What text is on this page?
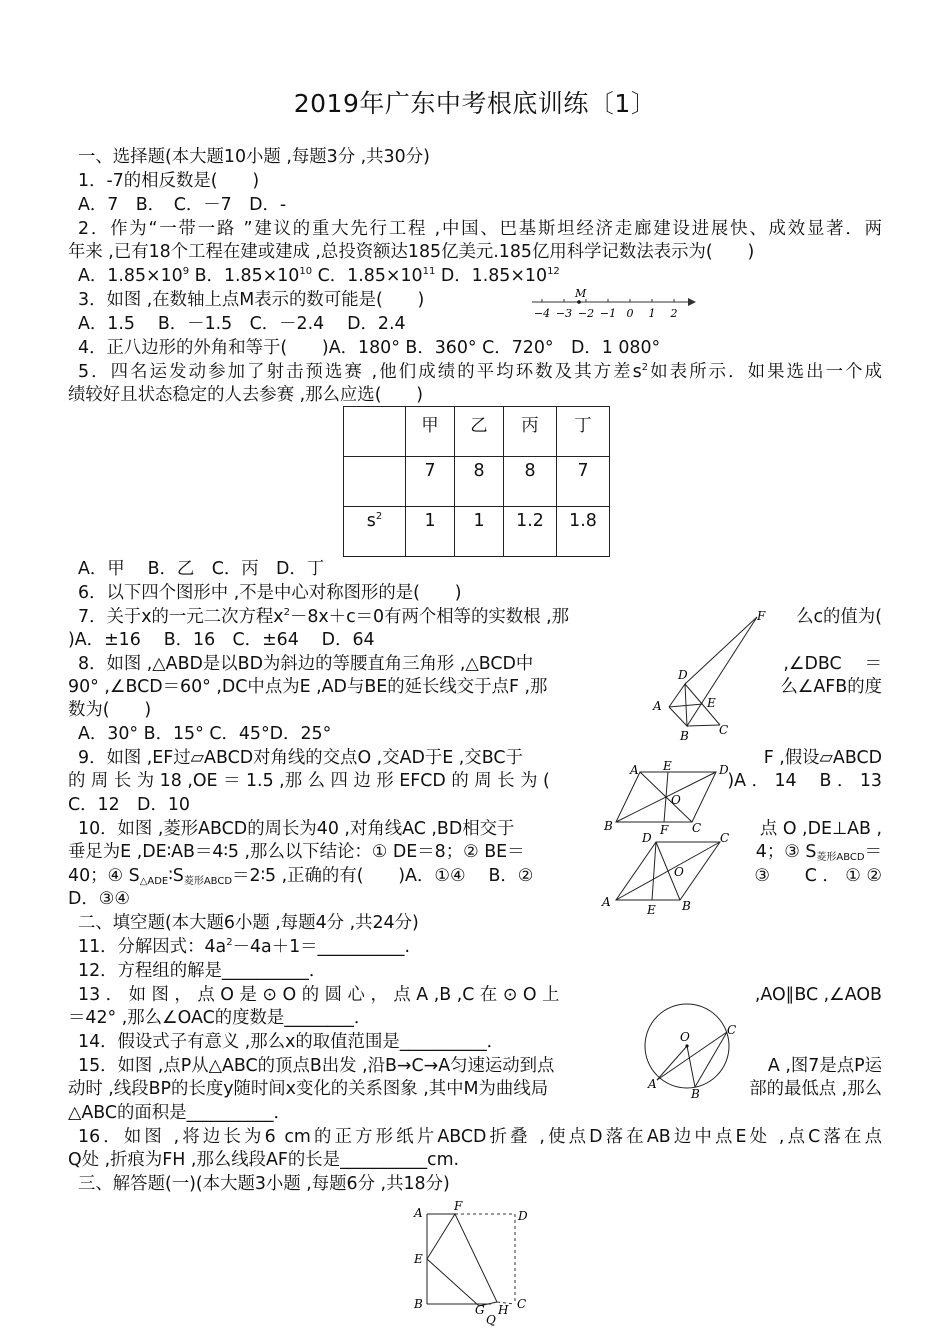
2019年广东中考根底训练〔1〕
一、选择题(本大题10小题 ,每题3分 ,共30分)
1．-7的相反数是(　　)
A．7　B．　C．－7　D．-
2．作为“一带一路 ”建议的重大先行工程 ,中国、巴基斯坦经济走廊建设进展快、成效显著．两
年来 ,已有18个工程在建或建成 ,总投资额达185亿美元.185亿用科学记数法表示为(　　)
A．$1.85\times 10^9$ B．$1.85\times 10^{10}$ C．$1.85\times 10^{11}$ D．$1.85\times 10^{12}$
3．如图 ,在数轴上点M表示的数可能是(　　)	M
−4 −3 −2 −1 0 1 2
A．1.5　 B．－1.5　C．－2.4　 D．2.4
4．正八边形的外角和等于(　　)A．180° B．360° C．720°　D．1 080°
5．四名运发动参加了射击预选赛 ,他们成绩的平均环数及其方差$s^2$如表所示．如果选出一个成
绩较好且状态稳定的人去参赛 ,那么应选(　　)
	甲	乙	丙	丁
	7	8	8	7
$s^2$	1	1	1.2	1.8
A．甲　 B．乙　C．丙　D．丁
6．以下四个图形中 ,不是中心对称图形的是(　　)
7．关于x的一元二次方程$x^2-8x+c=0$有两个相等的实数根 ,那	么c的值为(
)A．±16　 B．16　C．±64　 D．64
8．如图 ,△ABD是以BD为斜边的等腰直角三角形 ,△BCD中	,∠DBC　 ＝
90° ,∠BCD＝60° ,DC中点为E ,AD与BE的延长线交于点F ,那	么∠AFB的度
数为(　　)
A．30° B．15° C．45°D．25°
F
D
A	E
B	C
9．如图 ,EF过▱ABCD对角线的交点O ,交AD于E ,交BC于	F ,假设▱ABCD
的 周 长 为 18 ,OE ＝ 1.5 ,那 么 四 边 形 EFCD 的 周 长 为 (	)A ． 14　 B ． 13
C．12　D．10
A E	D
O
B	F C
10．如图 ,菱形ABCD的周长为40 ,对角线AC ,BD相交于	点 O ,DE⊥AB ,
垂足为E ,DE∶AB＝4∶5 ,那么以下结论：① DE＝8；② BE＝	4；③ $S_{菱形ABCD}=$
40；④ $S_{\triangle ADE}∶S_{菱形ABCD}=2∶5$ ,正确的有(　　)A．①④　 B．②	③　　C ． ① ②
D．③④
D	C
O
A
E B
二、填空题(本大题6小题 ,每题4分 ,共24分)
11．分解因式：$4a^2-4a+1=\_\_\_\_\_\_\_\_\_\_$.
12．方程组的解是__________．
13 ． 如 图 ， 点 O 是 ⊙ O 的 圆 心 ， 点 A ,B ,C 在 ⊙ O 上	,AO∥BC ,∠AOB
＝42° ,那么∠OAC的度数是________．
O	C
A
B
14．假设式子有意义 ,那么x的取值范围是__________．
15．如图 ,点P从△ABC的顶点B出发 ,沿B→C→A匀速运动到点	A ,图7是点P运
动时 ,线段BP的长度y随时间x变化的关系图象 ,其中M为曲线局	部的最低点 ,那么
△ABC的面积是__________．
16．如图 ,将边长为6 cm的正方形纸片ABCD折叠 ,使点D落在AB边中点E处 ,点C落在点
Q处 ,折痕为FH ,那么线段AF的长是__________cm.
三、解答题(一)(本大题3小题 ,每题6分 ,共18分)
A	F
D
E
B	G H C
Q
